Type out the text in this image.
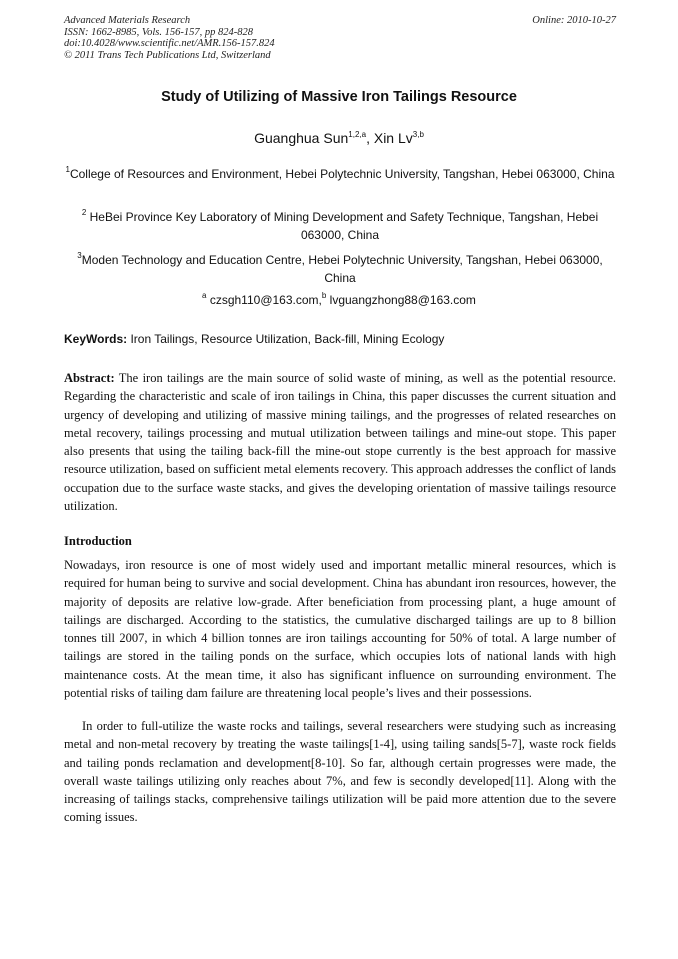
Advanced Materials Research
ISSN: 1662-8985, Vols. 156-157, pp 824-828
doi:10.4028/www.scientific.net/AMR.156-157.824
© 2011 Trans Tech Publications Ltd, Switzerland
Online: 2010-10-27
Study of Utilizing of Massive Iron Tailings Resource
Guanghua Sun$^{1,2,a}$, Xin Lv$^{3,b}$
$^1$College of Resources and Environment, Hebei Polytechnic University, Tangshan, Hebei 063000, China
$^2$ HeBei Province Key Laboratory of Mining Development and Safety Technique, Tangshan, Hebei 063000, China
$^3$Moden Technology and Education Centre, Hebei Polytechnic University, Tangshan, Hebei 063000, China
$^a$ czsgh110@163.com,$^b$ lvguangzhong88@163.com
KeyWords: Iron Tailings, Resource Utilization, Back-fill, Mining Ecology
Abstract: The iron tailings are the main source of solid waste of mining, as well as the potential resource. Regarding the characteristic and scale of iron tailings in China, this paper discusses the current situation and urgency of developing and utilizing of massive mining tailings, and the progresses of related researches on metal recovery, tailings processing and mutual utilization between tailings and mine-out stope. This paper also presents that using the tailing back-fill the mine-out stope currently is the best approach for massive resource utilization, based on sufficient metal elements recovery. This approach addresses the conflict of lands occupation due to the surface waste stacks, and gives the developing orientation of massive tailings resource utilization.
Introduction
Nowadays, iron resource is one of most widely used and important metallic mineral resources, which is required for human being to survive and social development. China has abundant iron resources, however, the majority of deposits are relative low-grade. After beneficiation from processing plant, a huge amount of tailings are discharged. According to the statistics, the cumulative discharged tailings are up to 8 billion tonnes till 2007, in which 4 billion tonnes are iron tailings accounting for 50% of total. A large number of tailings are stored in the tailing ponds on the surface, which occupies lots of national lands with high maintenance costs. At the mean time, it also has significant influence on surrounding environment. The potential risks of tailing dam failure are threatening local people’s lives and their possessions.
In order to full-utilize the waste rocks and tailings, several researchers were studying such as increasing metal and non-metal recovery by treating the waste tailings[1-4], using tailing sands[5-7], waste rock fields and tailing ponds reclamation and development[8-10]. So far, although certain progresses were made, the overall waste tailings utilizing only reaches about 7%, and few is secondly developed[11]. Along with the increasing of tailings stacks, comprehensive tailings utilization will be paid more attention due to the severe coming issues.
